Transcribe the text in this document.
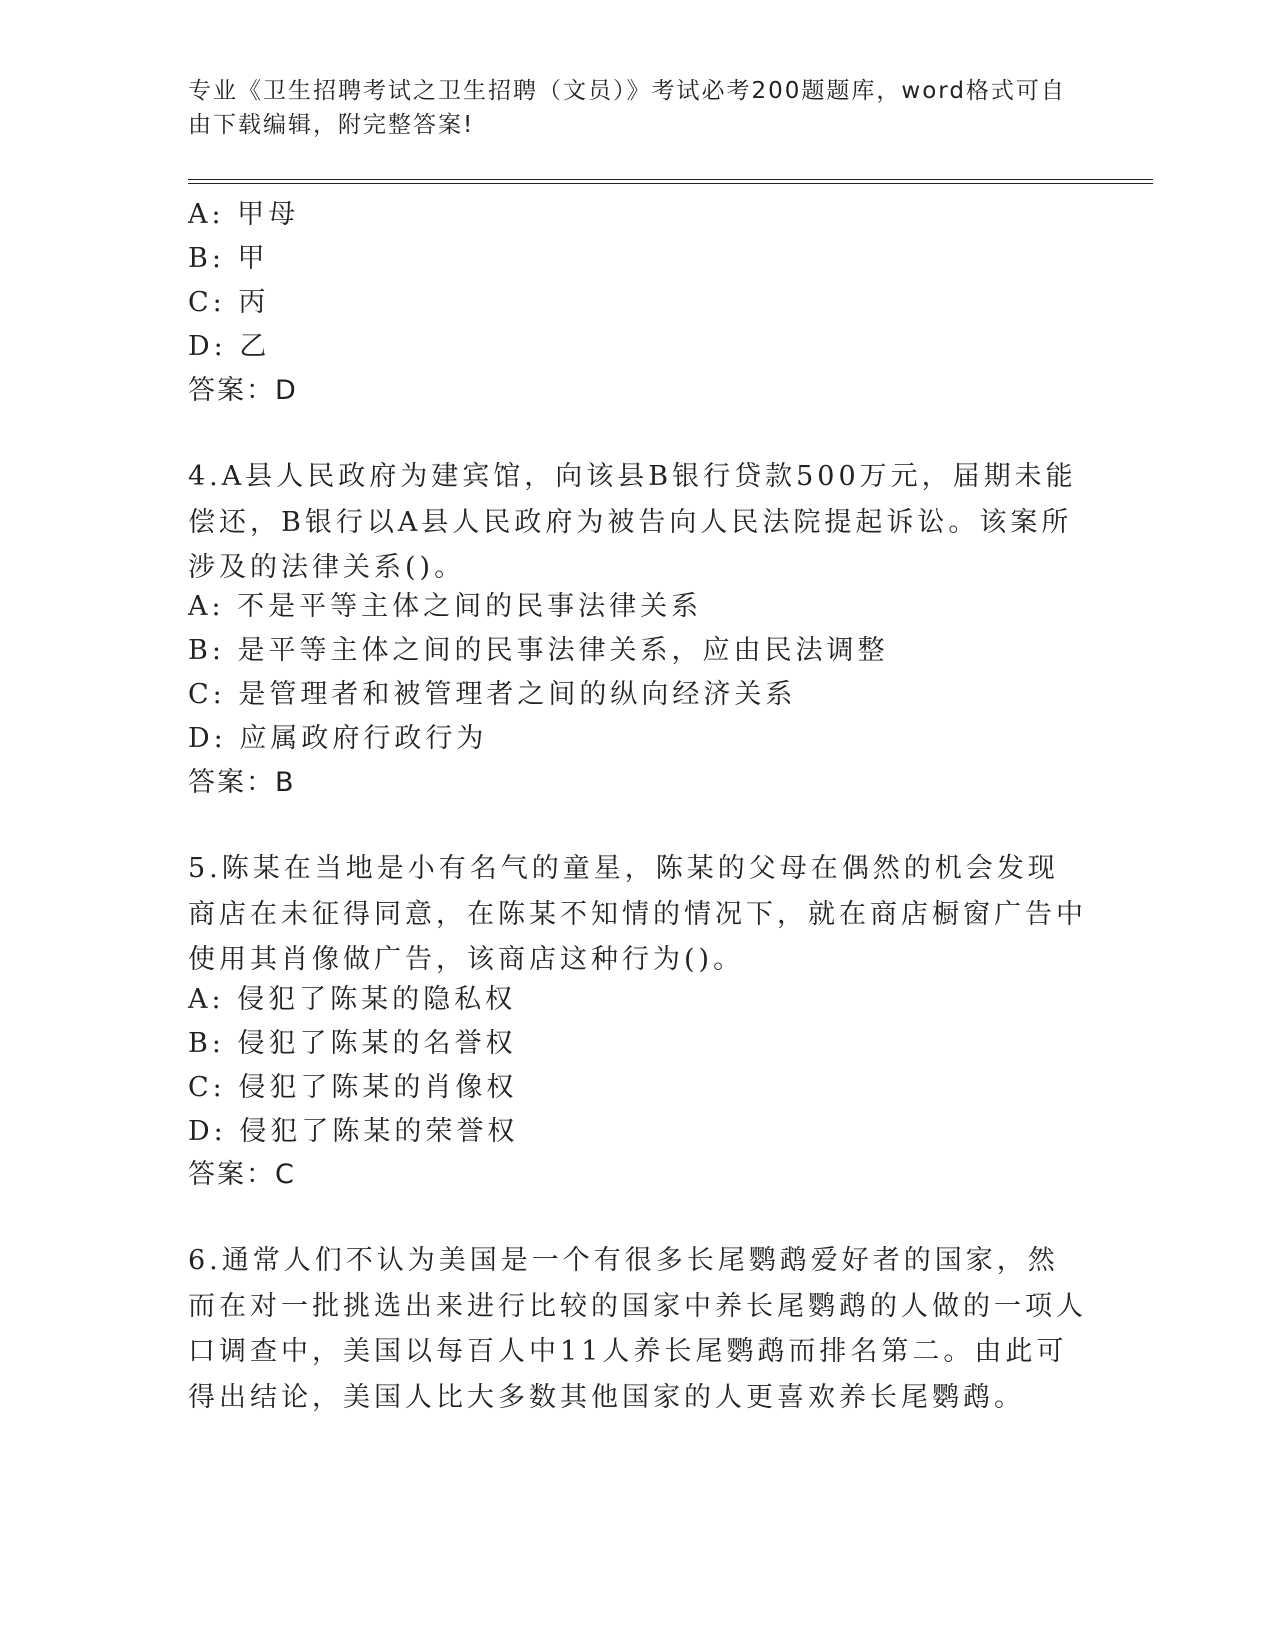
专业《卫生招聘考试之卫生招聘（文员）》考试必考200题题库，word格式可自由下载编辑，附完整答案!
A: 甲母
B: 甲
C: 丙
D: 乙
答案：D
4.A县人民政府为建宾馆，向该县B银行贷款500万元，届期未能偿还，B银行以A县人民政府为被告向人民法院提起诉讼。该案所涉及的法律关系()。
A: 不是平等主体之间的民事法律关系
B: 是平等主体之间的民事法律关系，应由民法调整
C: 是管理者和被管理者之间的纵向经济关系
D: 应属政府行政行为
答案：B
5.陈某在当地是小有名气的童星，陈某的父母在偶然的机会发现商店在未征得同意，在陈某不知情的情况下，就在商店橱窗广告中使用其肖像做广告，该商店这种行为()。
A: 侵犯了陈某的隐私权
B: 侵犯了陈某的名誉权
C: 侵犯了陈某的肖像权
D: 侵犯了陈某的荣誉权
答案：C
6.通常人们不认为美国是一个有很多长尾鹦鹉爱好者的国家，然而在对一批挑选出来进行比较的国家中养长尾鹦鹉的人做的一项人口调查中，美国以每百人中11人养长尾鹦鹉而排名第二。由此可得出结论，美国人比大多数其他国家的人更喜欢养长尾鹦鹉。
